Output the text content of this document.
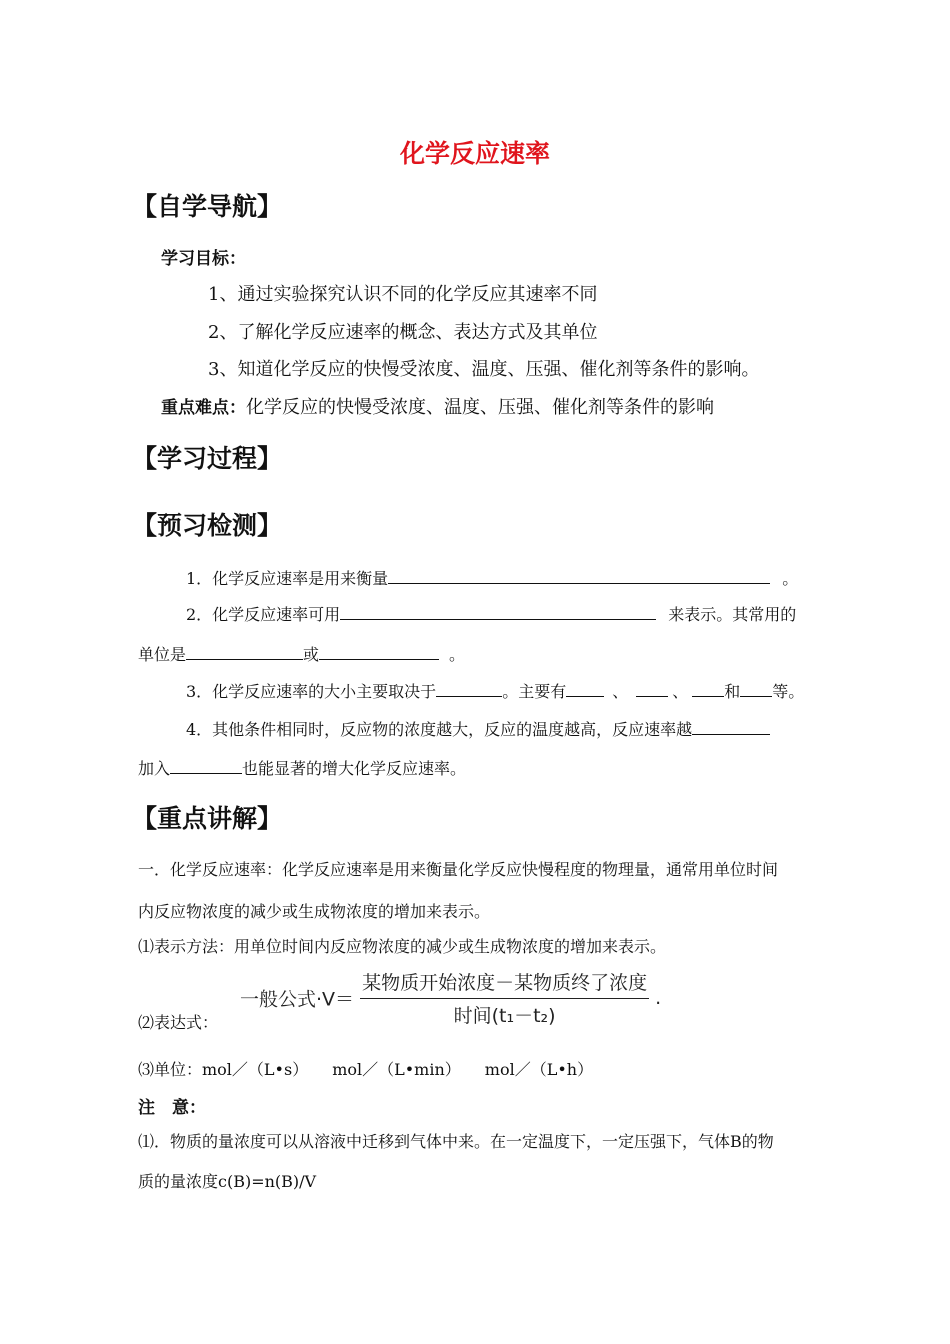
化学反应速率
【自学导航】
学习目标：
1、通过实验探究认识不同的化学反应其速率不同
2、了解化学反应速率的概念、表达方式及其单位
3、知道化学反应的快慢受浓度、温度、压强、催化剂等条件的影响。
重点难点：化学反应的快慢受浓度、温度、压强、催化剂等条件的影响
【学习过程】
【预习检测】
1．化学反应速率是用来衡量	。
2．化学反应速率可用	来表示。其常用的
单位是	或	。
3．化学反应速率的大小主要取决于	。主要有	、	、 和 等。
4．其他条件相同时，反应物的浓度越大，反应的温度越高，反应速率越
加入	也能显著的增大化学反应速率。
【重点讲解】
一．化学反应速率：化学反应速率是用来衡量化学反应快慢程度的物理量，通常用单位时间
内反应物浓度的减少或生成物浓度的增加来表示。
⑴表示方法：用单位时间内反应物浓度的减少或生成物浓度的增加来表示。
⑵表达式：
一般公式$\cdot V= \frac{\text{某物质开始浓度－某物质终了浓度}}{\text{时间(t₁－t₂)}}$ .
⑶单位：mol／（L•s）　　mol／（L•min）　　mol／（L•h）
注　意：
⑴．物质的量浓度可以从溶液中迁移到气体中来。在一定温度下，一定压强下，气体B的物
质的量浓度c(B)=n(B)/V
